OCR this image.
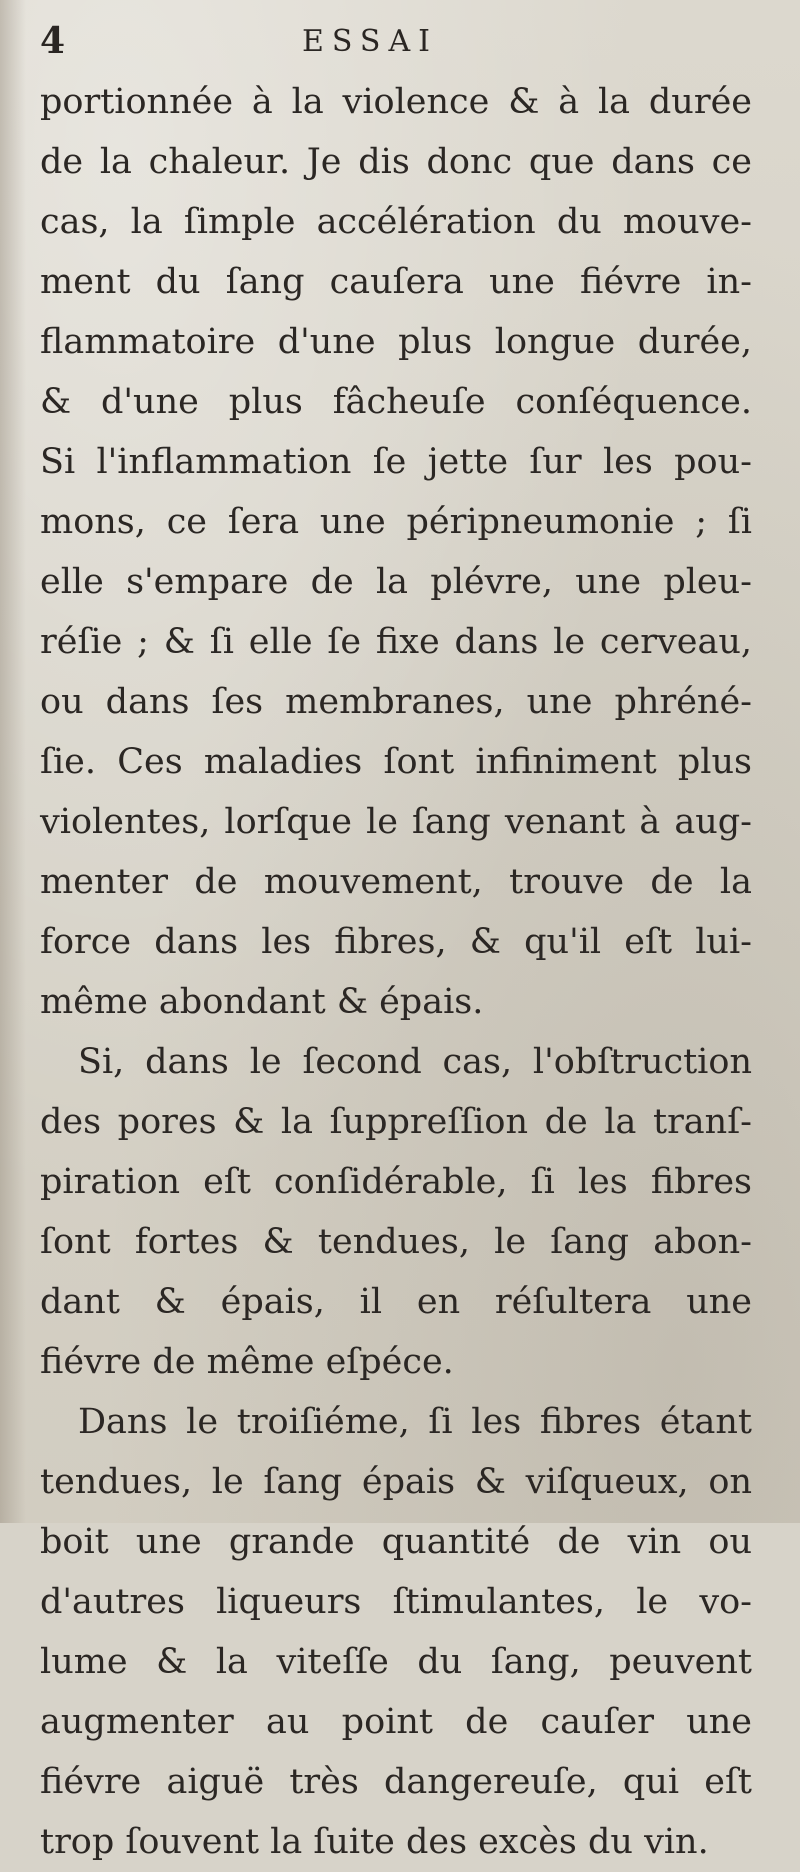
4	ESSAI
portionnée à la violence & à la durée
de la chaleur. Je dis donc que dans ce
cas, la ſimple accélération du mouve-
ment du ſang cauſera une fiévre in-
flammatoire d'une plus longue durée,
& d'une plus fâcheuſe conſéquence.
Si l'inflammation ſe jette ſur les pou-
mons, ce ſera une péripneumonie ; ſi
elle s'empare de la plévre, une pleu-
réſie ; & ſi elle ſe fixe dans le cerveau,
ou dans ſes membranes, une phréné-
ſie. Ces maladies ſont infiniment plus
violentes, lorſque le ſang venant à aug-
menter de mouvement, trouve de la
force dans les fibres, & qu'il eſt lui-
même abondant & épais.
Si, dans le ſecond cas, l'obſtruction
des pores & la ſuppreſſion de la tranſ-
piration eſt conſidérable, ſi les fibres
ſont fortes & tendues, le ſang abon-
dant & épais, il en réſultera une
fiévre de même eſpéce.
Dans le troiſiéme, ſi les fibres étant
tendues, le ſang épais & viſqueux, on
boit une grande quantité de vin ou
d'autres liqueurs ſtimulantes, le vo-
lume & la viteſſe du ſang, peuvent
augmenter au point de cauſer une
fiévre aiguë très dangereuſe, qui eſt
trop ſouvent la ſuite des excès du vin.
